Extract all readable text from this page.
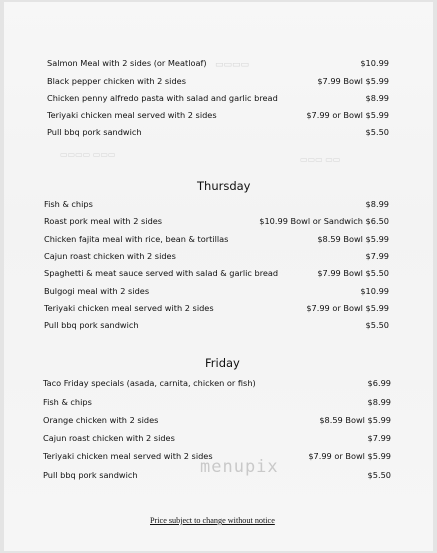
▭▭▭▭
▭▭▭▭ ▭▭▭
▭▭▭ ▭▭
Salmon Meal with 2 sides (or Meatloaf)	$10.99
Black pepper chicken with 2 sides	$7.99 Bowl $5.99
Chicken penny alfredo pasta with salad and garlic bread	$8.99
Teriyaki chicken meal served with 2 sides	$7.99 or Bowl $5.99
Pull bbq pork sandwich	$5.50
Thursday
Fish & chips	$8.99
Roast pork meal with 2 sides	$10.99 Bowl or Sandwich $6.50
Chicken fajita meal with rice, bean & tortillas	$8.59 Bowl $5.99
Cajun roast chicken with 2 sides	$7.99
Spaghetti & meat sauce served with salad & garlic bread	$7.99 Bowl $5.50
Bulgogi meal with 2 sides	$10.99
Teriyaki chicken meal served with 2 sides	$7.99 or Bowl $5.99
Pull bbq pork sandwich	$5.50
Friday
Taco Friday specials (asada, carnita, chicken or fish)	$6.99
Fish & chips	$8.99
Orange chicken with 2 sides	$8.59 Bowl $5.99
Cajun roast chicken with 2 sides	$7.99
Teriyaki chicken meal served with 2 sides	$7.99 or Bowl $5.99
Pull bbq pork sandwich	$5.50
menupix
Price subject to change without notice
